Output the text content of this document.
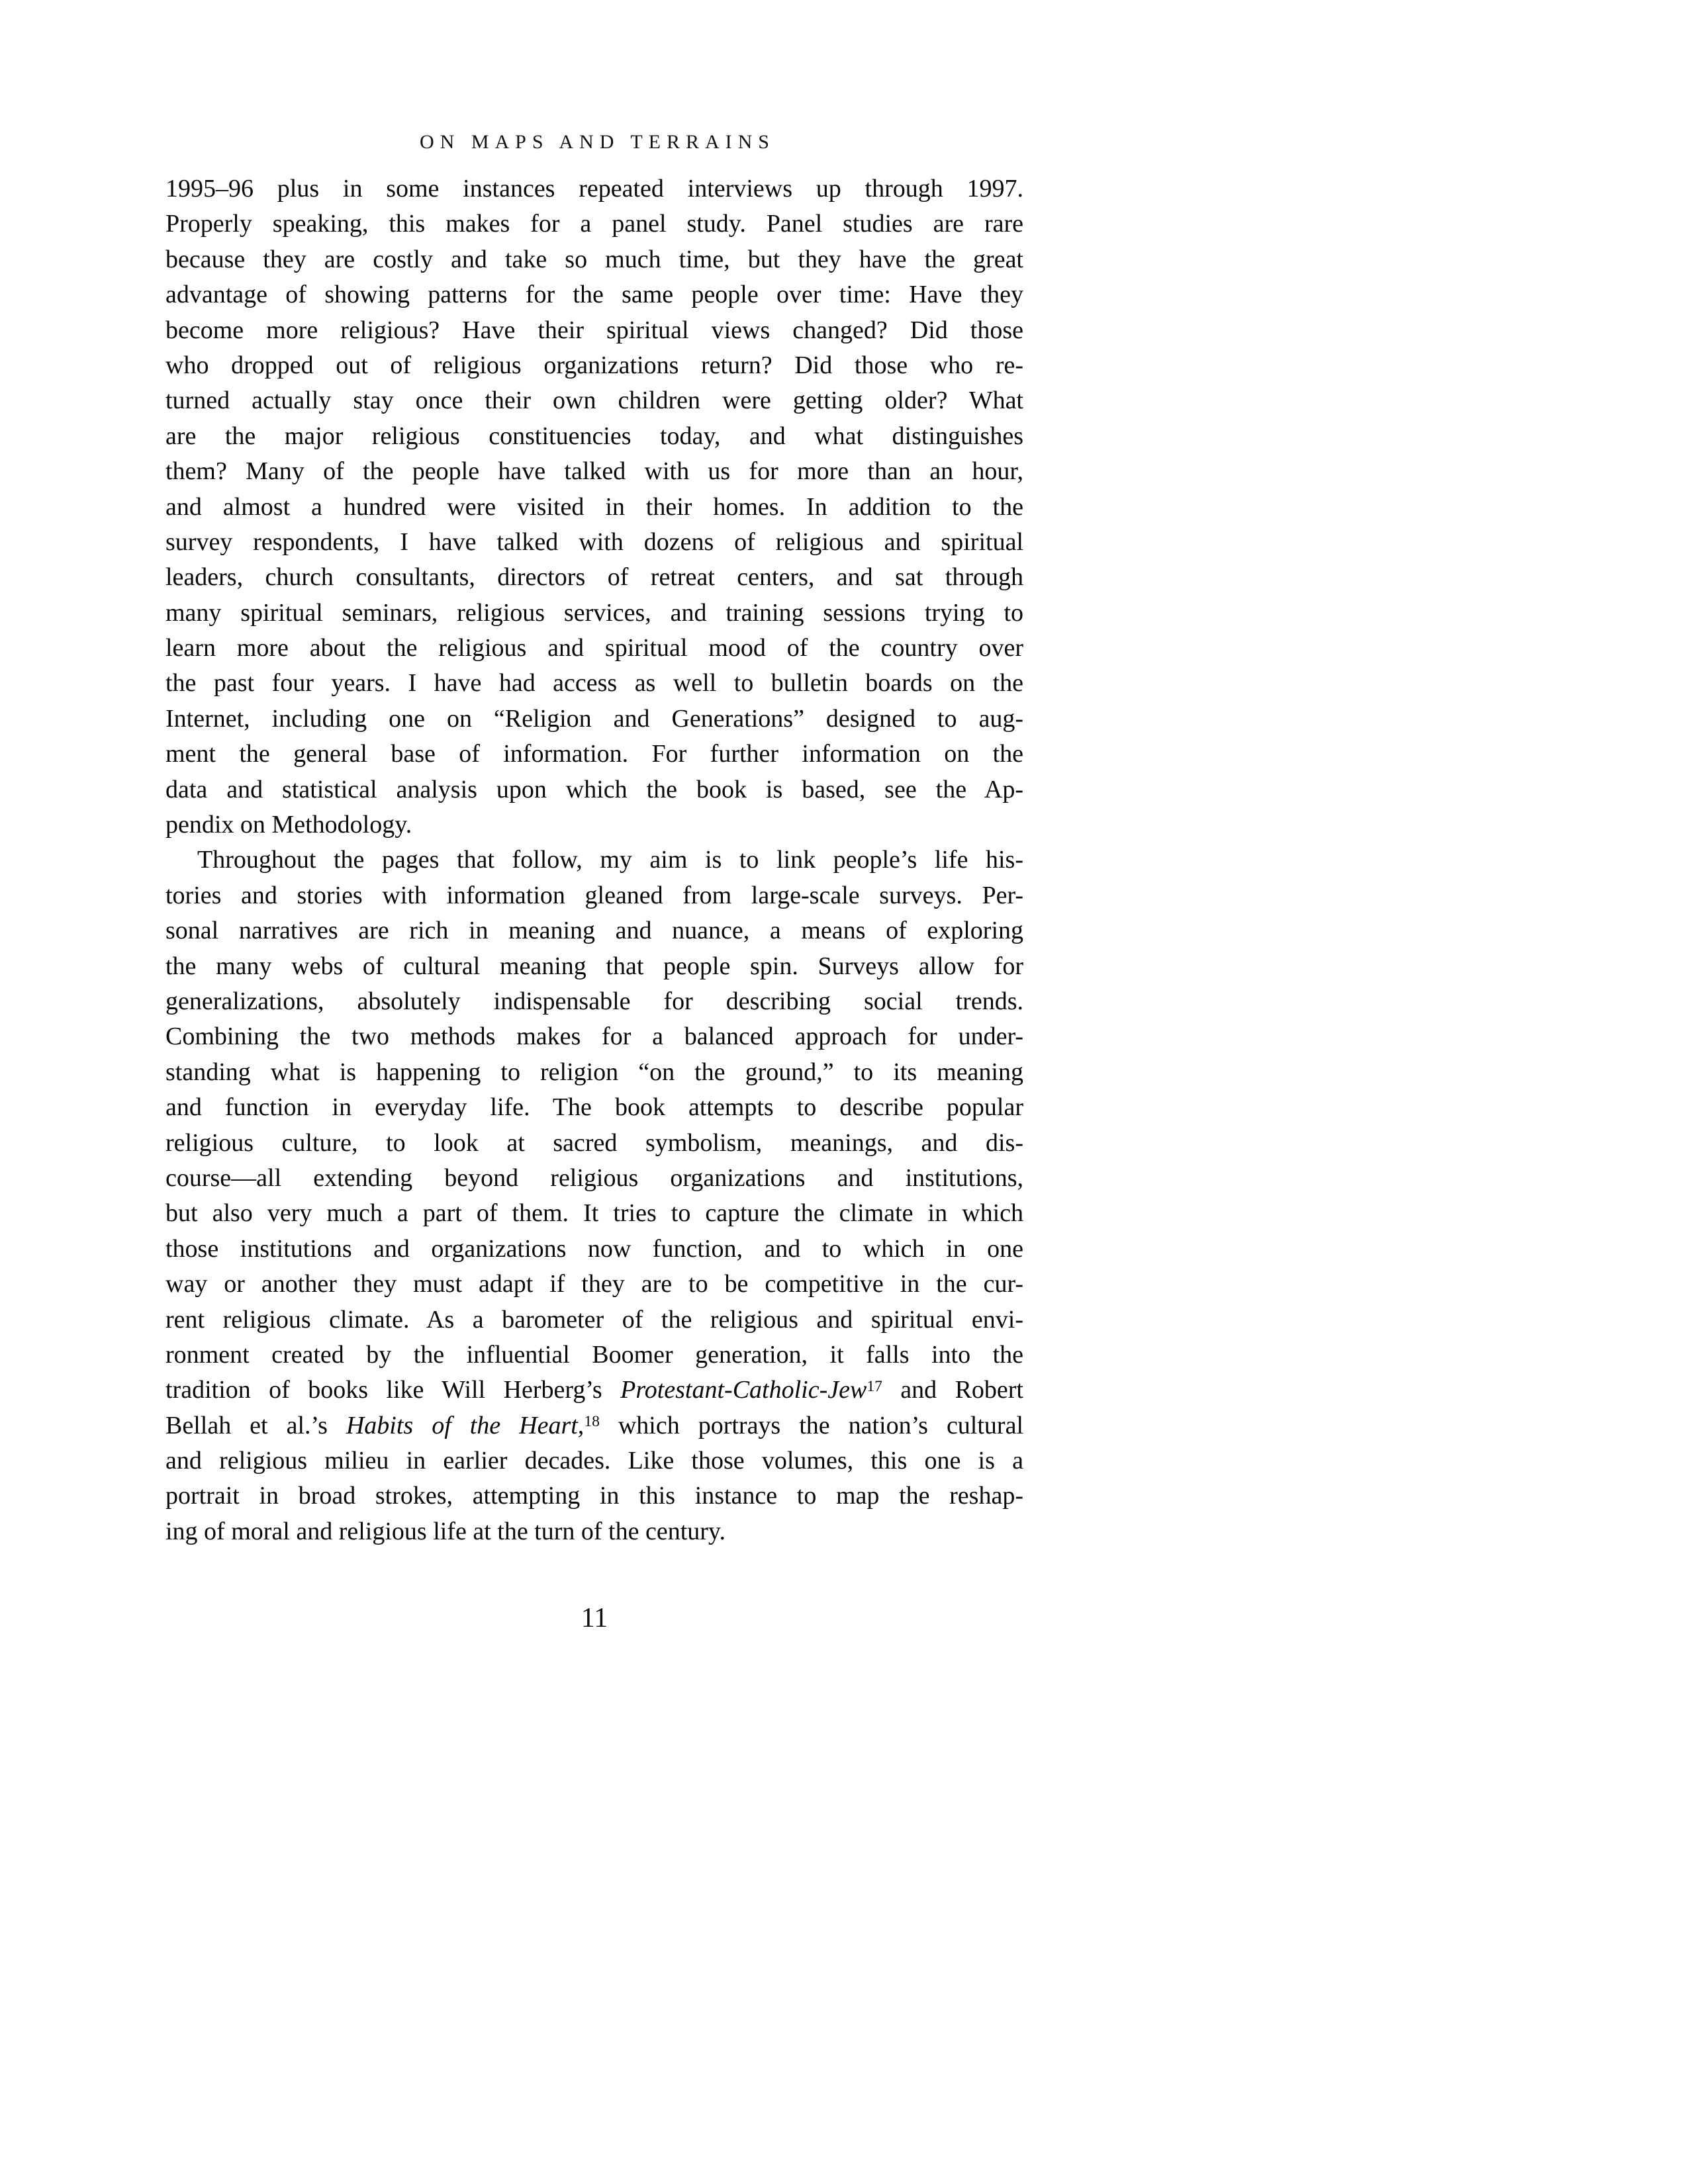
ON MAPS AND TERRAINS
1995–96 plus in some instances repeated interviews up through 1997.
Properly speaking, this makes for a panel study. Panel studies are rare
because they are costly and take so much time, but they have the great
advantage of showing patterns for the same people over time: Have they
become more religious? Have their spiritual views changed? Did those
who dropped out of religious organizations return? Did those who re-
turned actually stay once their own children were getting older? What
are the major religious constituencies today, and what distinguishes
them? Many of the people have talked with us for more than an hour,
and almost a hundred were visited in their homes. In addition to the
survey respondents, I have talked with dozens of religious and spiritual
leaders, church consultants, directors of retreat centers, and sat through
many spiritual seminars, religious services, and training sessions trying to
learn more about the religious and spiritual mood of the country over
the past four years. I have had access as well to bulletin boards on the
Internet, including one on “Religion and Generations” designed to aug-
ment the general base of information. For further information on the
data and statistical analysis upon which the book is based, see the Ap-
pendix on Methodology.
Throughout the pages that follow, my aim is to link people’s life his-
tories and stories with information gleaned from large-scale surveys. Per-
sonal narratives are rich in meaning and nuance, a means of exploring
the many webs of cultural meaning that people spin. Surveys allow for
generalizations, absolutely indispensable for describing social trends.
Combining the two methods makes for a balanced approach for under-
standing what is happening to religion “on the ground,” to its meaning
and function in everyday life. The book attempts to describe popular
religious culture, to look at sacred symbolism, meanings, and dis-
course—all extending beyond religious organizations and institutions,
but also very much a part of them. It tries to capture the climate in which
those institutions and organizations now function, and to which in one
way or another they must adapt if they are to be competitive in the cur-
rent religious climate. As a barometer of the religious and spiritual envi-
ronment created by the influential Boomer generation, it falls into the
tradition of books like Will Herberg’s Protestant-Catholic-Jew$^{17}$ and Robert
Bellah et al.’s Habits of the Heart,$^{18}$ which portrays the nation’s cultural
and religious milieu in earlier decades. Like those volumes, this one is a
portrait in broad strokes, attempting in this instance to map the reshap-
ing of moral and religious life at the turn of the century.
11
